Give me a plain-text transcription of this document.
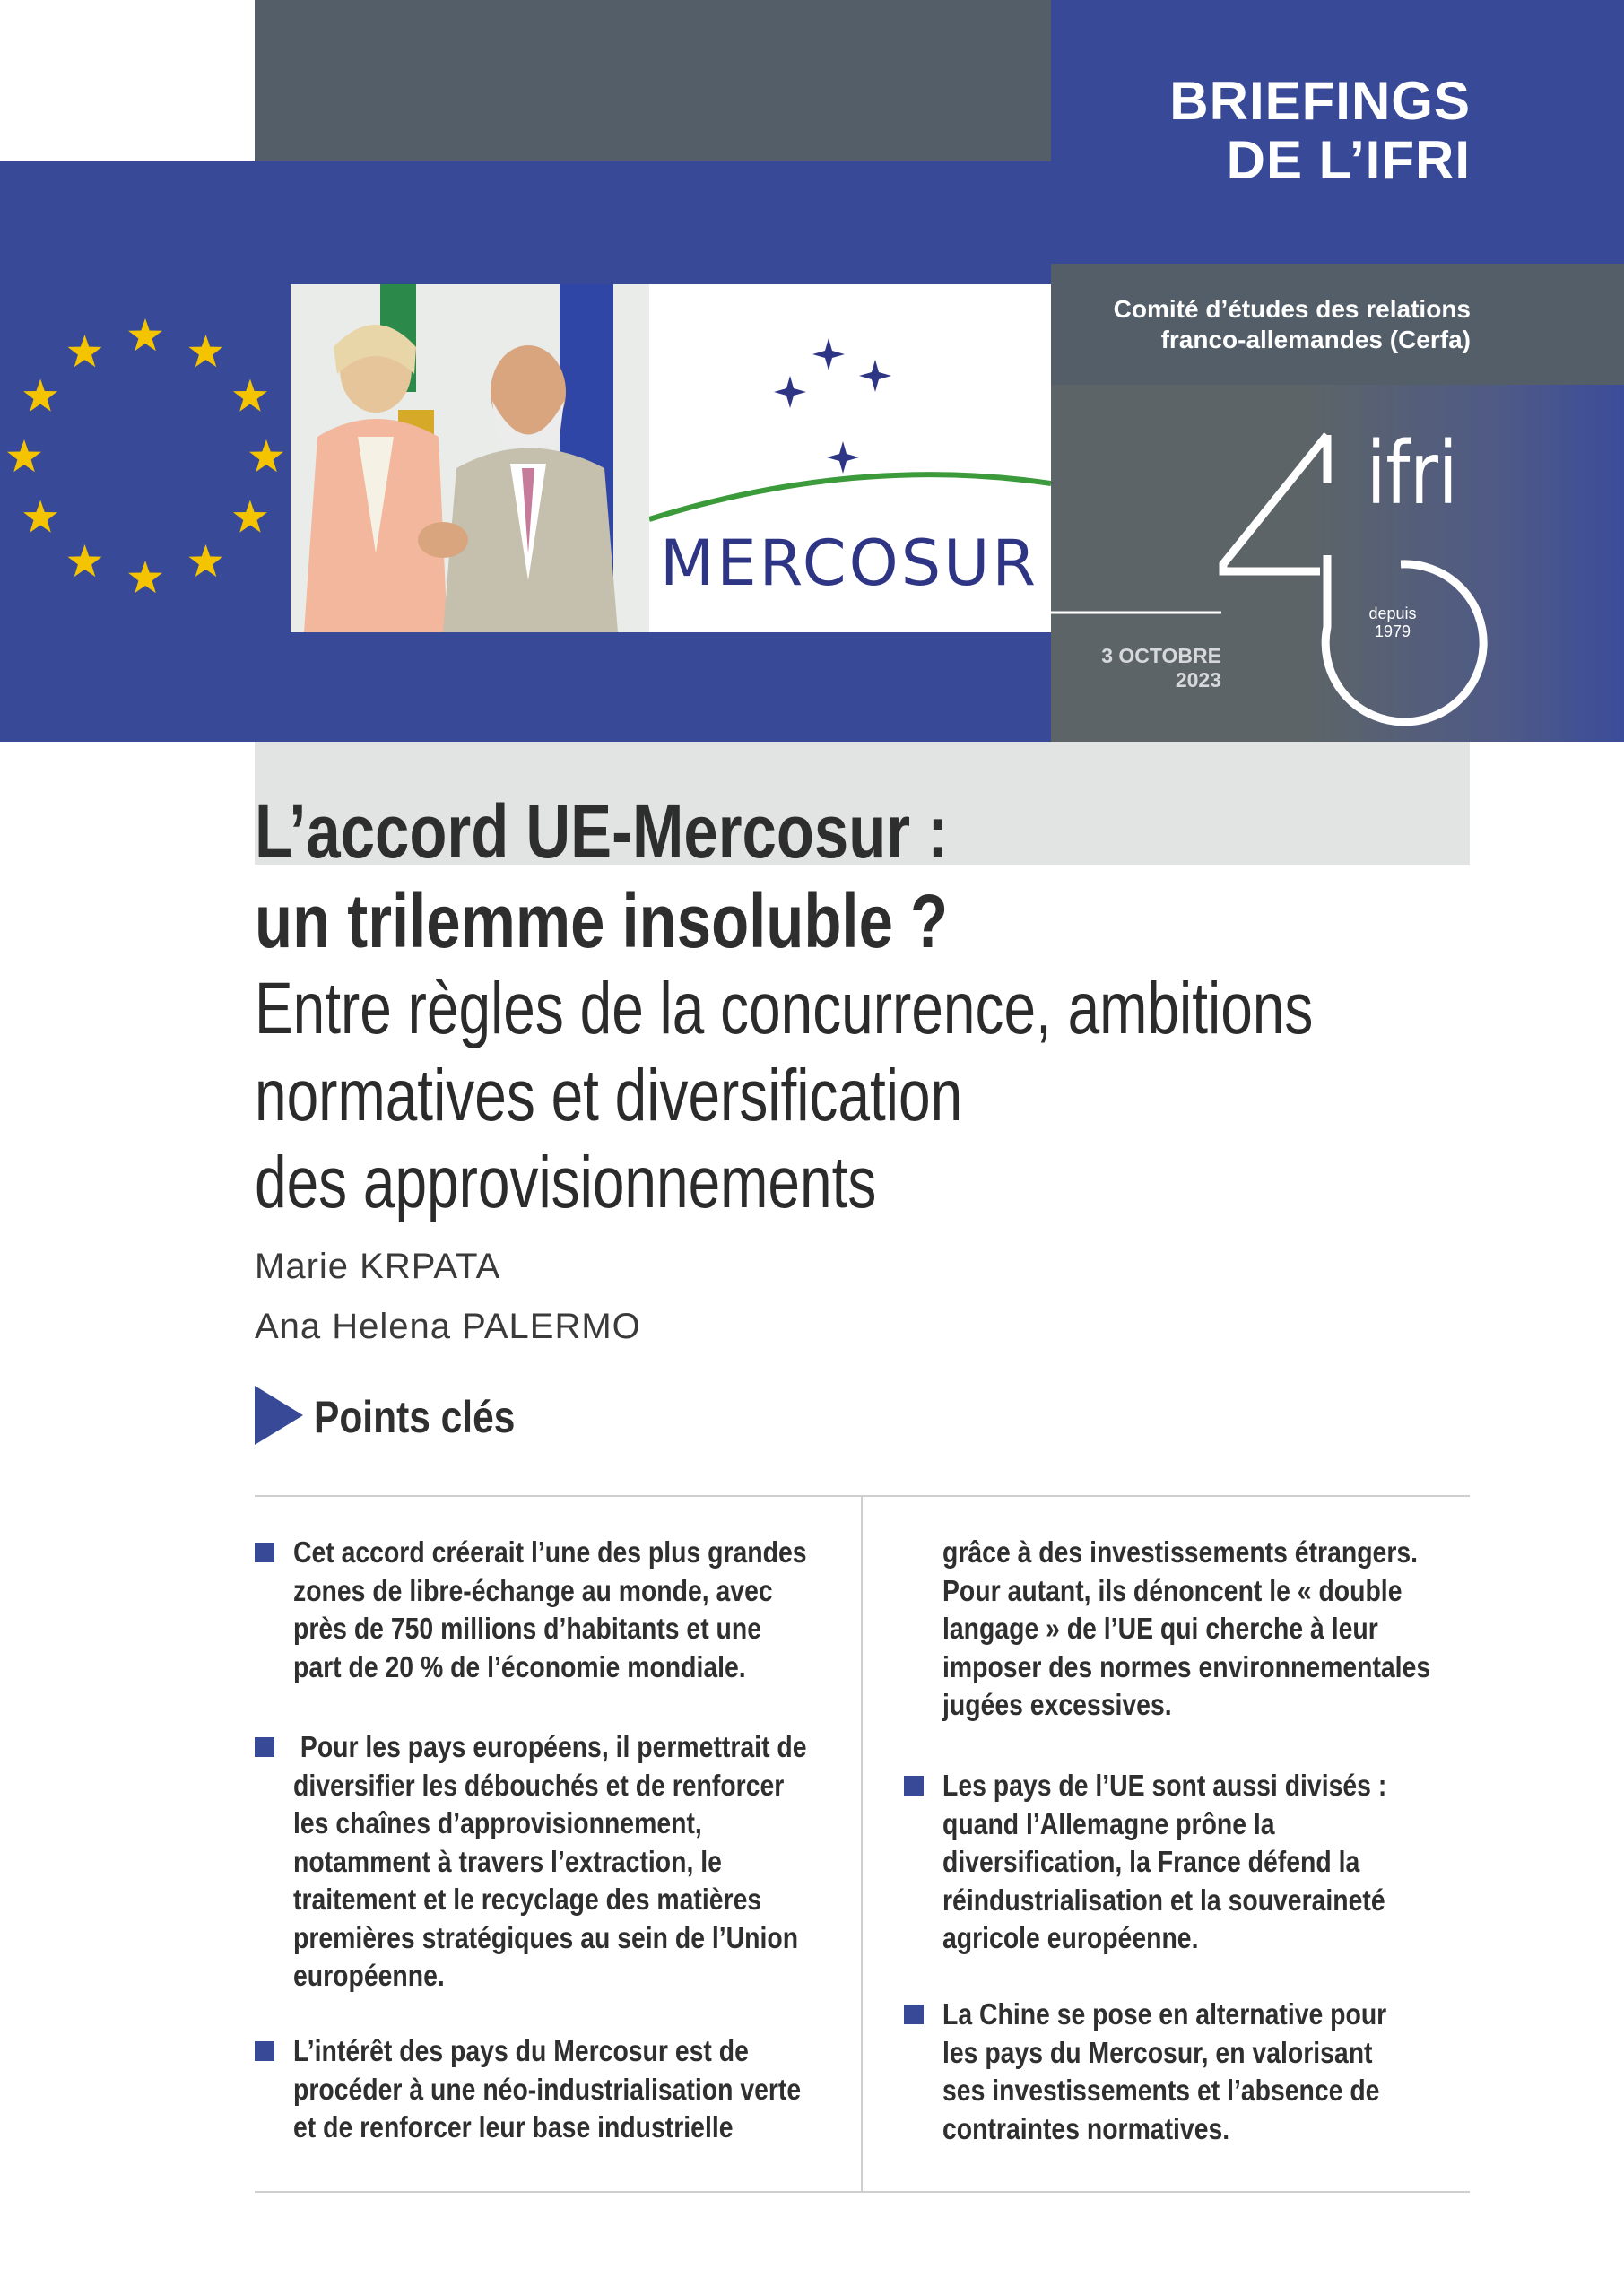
BRIEFINGS
DE L’IFRI
Comité d’études des relations
franco-allemandes (Cerfa)
MERCOSUR
ifri
depuis
1979
3 OCTOBRE
2023
L’accord UE-Mercosur :
un trilemme insoluble ?
Entre règles de la concurrence, ambitions
normatives et diversification
des approvisionnements
Marie KRPATA
Ana Helena PALERMO
Points clés
Cet accord créerait l’une des plus grandes
zones de libre-échange au monde, avec
près de 750 millions d’habitants et une
part de 20 % de l’économie mondiale.
Pour les pays européens, il permettrait de
diversifier les débouchés et de renforcer
les chaînes d’approvisionnement,
notamment à travers l’extraction, le
traitement et le recyclage des matières
premières stratégiques au sein de l’Union
européenne.
L’intérêt des pays du Mercosur est de
procéder à une néo-industrialisation verte
et de renforcer leur base industrielle
grâce à des investissements étrangers.
Pour autant, ils dénoncent le « double
langage » de l’UE qui cherche à leur
imposer des normes environnementales
jugées excessives.
Les pays de l’UE sont aussi divisés :
quand l’Allemagne prône la
diversification, la France défend la
réindustrialisation et la souveraineté
agricole européenne.
La Chine se pose en alternative pour
les pays du Mercosur, en valorisant
ses investissements et l’absence de
contraintes normatives.
